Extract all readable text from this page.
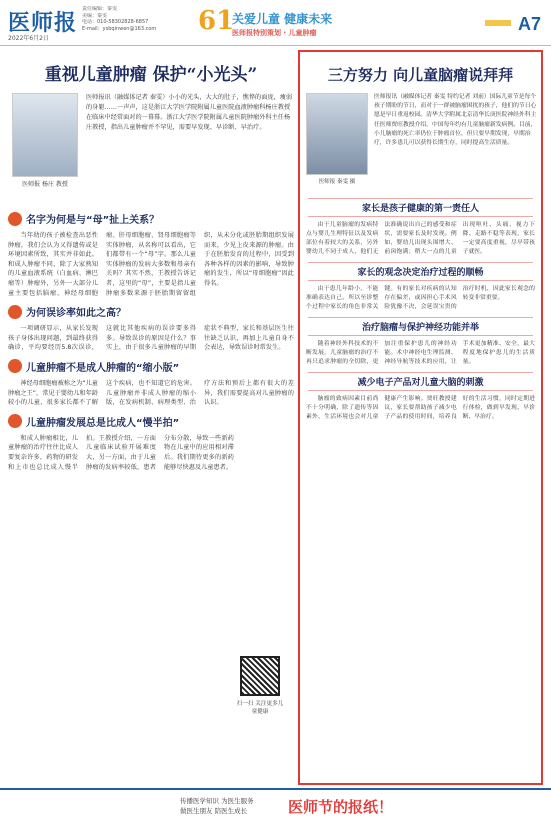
医师报
2022年6月2日
责任编辑：秦雯
美编：秦雯
电话：010-58302828-6857
E-mail：ysbqinwen@163.com	61
关爱儿童 健康未来
医师报特别策划 · 儿童肿瘤	A7
重视儿童肿瘤 保护“小光头”
医师报 杨庄 教授
医师报讯（融媒体记者 秦雯）小小的光头，大大的肚子，憔悴的面庞，痩弱的身躯……一声声，这是浙江大学医学院附属儿童医院血液肿瘤科杨庄教授在临床中经常面对的一幕幕。浙江大学医学院附属儿童医院肿瘤外科主任杨庄教授，指出儿童肿瘤并不罕见，需要早发现、早诊断、早治疗。
名字为何是与“母”扯上关系？

当年幼的孩子被检查出恶性肿瘤，我们会认为又得遗传或是环境因素所致，其实并非如此。和成人肿瘤不同，除了大家熟知的儿童血液系统（白血病、淋巴瘤等）肿瘤外，另外一大部分儿童主要包括脑瘤、神经母细胞瘤、肝母细胞瘤、肾母细胞瘤等实体肿瘤，从名称可以看出，它们都带有一个“母”字。那么儿童实体肿瘤的发病大多数和母亲有关吗？其实不然，王教授告诉记者，这里的“母”，主要是指儿童肿瘤多数来源于胚胎期留留组织，从未分化或胚胎期组织发展而来，少见上皮来源的肿瘤。由于在胚胎发育的过程中，因受到各种各样的因素的影响，导致肿瘤的发生，所以“母细胞瘤”因此得名。

为何误诊率如此之高？

一项调研显示，从家长发现孩子身体出现问题，到最终获得确诊，平均要经历5.8次误诊，这就比其他疾病的误诊要多得多。导致误诊的原因是什么？事实上，由于很多儿童肿瘤的早期症状不典型，家长和基层医生往往缺乏认识，再加上儿童自身不会表达，导致误诊时常发生。

儿童肿瘤不是成人肿瘤的“缩小版”

神经母细胞瘤被称之为“儿童肿瘤之王”，常见于婴幼儿和年龄较小的儿童，很多家长都不了解这个疾病，也不知道它的危害。儿童肿瘤并非成人肿瘤的缩小版，在发病机制、病理类型、治疗方法和预后上都有很大的差异，我们需要提高对儿童肿瘤的认识。

儿童肿瘤发展总是比成人“慢半拍”

和成人肿瘤相比，儿童肿瘤的治疗往往比成人要复杂许多，药物的研发和上市也总比成人慢半拍。王教授介绍，一方面儿童临床试验开展难度大，另一方面，由于儿童肿瘤的发病率较低，患者分布分散，导致一些新药物在儿童中的应用相对滞后。我们期待更多的新药能够尽快惠及儿童患者。

扫一扫 关注更多儿童健康
三方努力 向儿童脑瘤说拜拜
医师报 秦雯 摄
医师报讯（融媒体记者 秦雯 特约记者 刘前）国际儿童节是每个孩子期盼的节日，而对于一群被脑瘤困扰的孩子，他们的节日心愿是早日重返校园。清华大学附属北京清华长庚医院神经外科主任医师贾旺教授介绍，中国每年约有儿童脑瘤新发病例。目前，小儿脑瘤的死亡率仍位于肿瘤首位，但只要早期发现，早期治疗，许多患儿可以获得长期生存，同时提高生活质量。
家长是孩子健康的第一责任人

由于儿童脑瘤的发病特点与婴儿生理特征以及发病部位有着较大的关系，另外婴幼儿不同于成人，他们无法准确说出自己的感受和症状，需要家长及时发现。例如，婴幼儿出现头围增大、前囟饱满；稍大一点的儿童出现呕吐、头痛、视力下降、走路不稳等表现，家长一定要高度重视，尽早带孩子就医。

家长的观念决定治疗过程的顺畅

由于患儿年龄小，不能准确表达自己，所以至诊整个过程中家长的角色非常关键。有的家长对疾病的认知存在偏差，或因担心手术风险犹豫不决，会延误宝贵的治疗时机，因此家长观念的转变非常重要。

治疗脑瘤与保护神经功能并举

随着神经外科技术的不断发展，儿童脑瘤的治疗不再只追求肿瘤的全切除，更加注重保护患儿的神经功能。术中神经电生理监测、神经导航等技术的应用，让手术更加精准、安全，最大程度地保护患儿的生活质量。

减少电子产品对儿童大脑的刺激

脑瘤的致病因素目前尚不十分明确，除了遗传等因素外，生活环境也会对儿童健康产生影响。贾旺教授建议，家长要帮助孩子减少电子产品的使用时间，培养良好的生活习惯，同时定期进行体检，做到早发现、早诊断、早治疗。

传播医学知识 为医生服务
做医生朋友 陪医生成长	医师节的报纸！
